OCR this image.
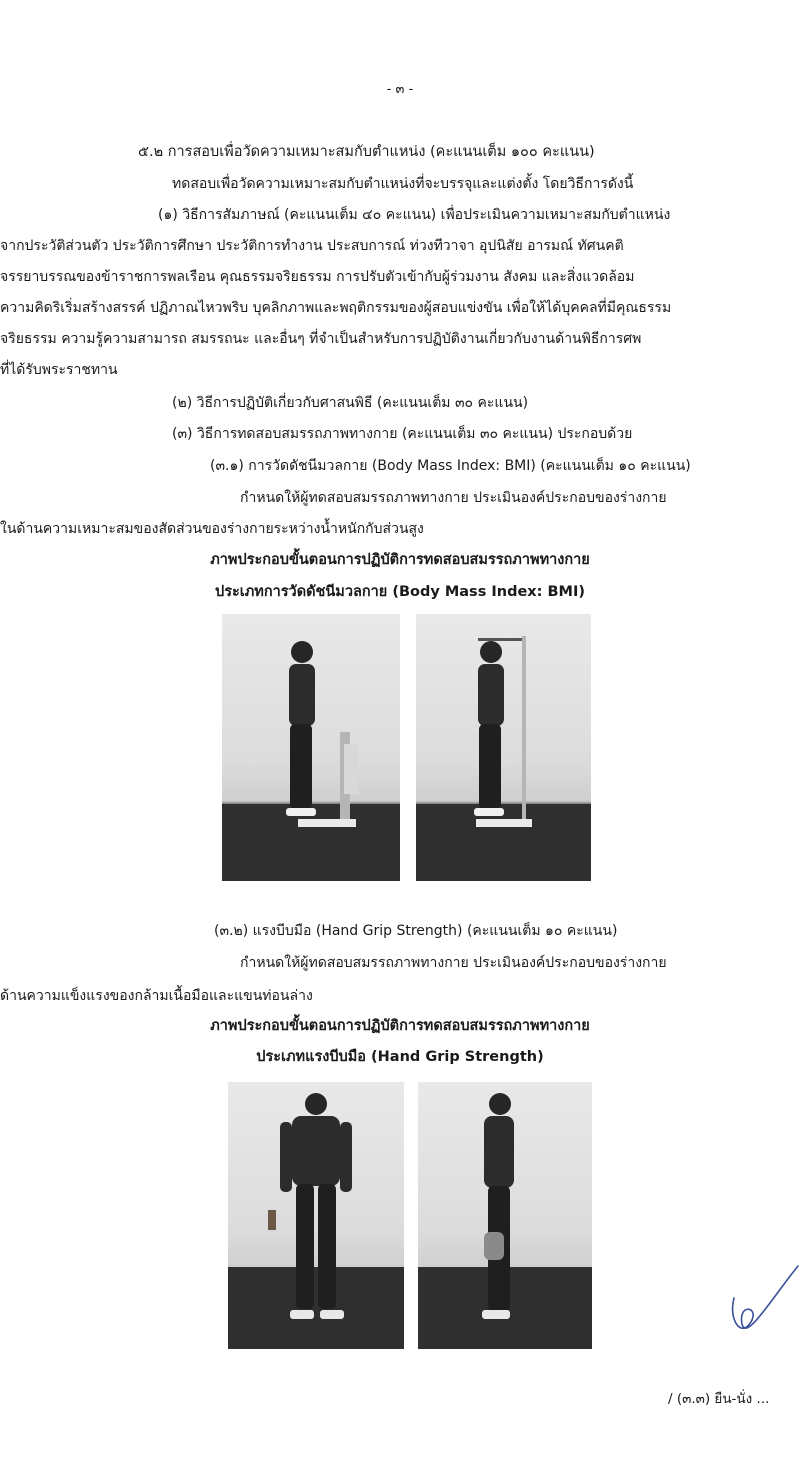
- ๓ -
๕.๒ การสอบเพื่อวัดความเหมาะสมกับตำแหน่ง (คะแนนเต็ม ๑๐๐ คะแนน)
ทดสอบเพื่อวัดความเหมาะสมกับตำแหน่งที่จะบรรจุและแต่งตั้ง โดยวิธีการดังนี้
(๑) วิธีการสัมภาษณ์ (คะแนนเต็ม ๔๐ คะแนน) เพื่อประเมินความเหมาะสมกับตำแหน่ง
จากประวัติส่วนตัว ประวัติการศึกษา ประวัติการทำงาน ประสบการณ์ ท่วงทีวาจา อุปนิสัย อารมณ์ ทัศนคติ
จรรยาบรรณของข้าราชการพลเรือน คุณธรรมจริยธรรม การปรับตัวเข้ากับผู้ร่วมงาน สังคม และสิ่งแวดล้อม
ความคิดริเริ่มสร้างสรรค์ ปฏิภาณไหวพริบ บุคลิกภาพและพฤติกรรมของผู้สอบแข่งขัน เพื่อให้ได้บุคคลที่มีคุณธรรม
จริยธรรม ความรู้ความสามารถ สมรรถนะ และอื่นๆ ที่จำเป็นสำหรับการปฏิบัติงานเกี่ยวกับงานด้านพิธีการศพ
ที่ได้รับพระราชทาน
(๒) วิธีการปฏิบัติเกี่ยวกับศาสนพิธี (คะแนนเต็ม ๓๐ คะแนน)
(๓) วิธีการทดสอบสมรรถภาพทางกาย (คะแนนเต็ม ๓๐ คะแนน) ประกอบด้วย
(๓.๑) การวัดดัชนีมวลกาย (Body Mass Index: BMI) (คะแนนเต็ม ๑๐ คะแนน)
กำหนดให้ผู้ทดสอบสมรรถภาพทางกาย ประเมินองค์ประกอบของร่างกาย
ในด้านความเหมาะสมของสัดส่วนของร่างกายระหว่างน้ำหนักกับส่วนสูง
ภาพประกอบขั้นตอนการปฏิบัติการทดสอบสมรรถภาพทางกาย
ประเภทการวัดดัชนีมวลกาย (Body Mass Index: BMI)
(๓.๒) แรงบีบมือ (Hand Grip Strength) (คะแนนเต็ม ๑๐ คะแนน)
กำหนดให้ผู้ทดสอบสมรรถภาพทางกาย ประเมินองค์ประกอบของร่างกาย
ด้านความแข็งแรงของกล้ามเนื้อมือและแขนท่อนล่าง
ภาพประกอบขั้นตอนการปฏิบัติการทดสอบสมรรถภาพทางกาย
ประเภทแรงบีบมือ (Hand Grip Strength)
/ (๓.๓) ยืน-นั่ง ...
